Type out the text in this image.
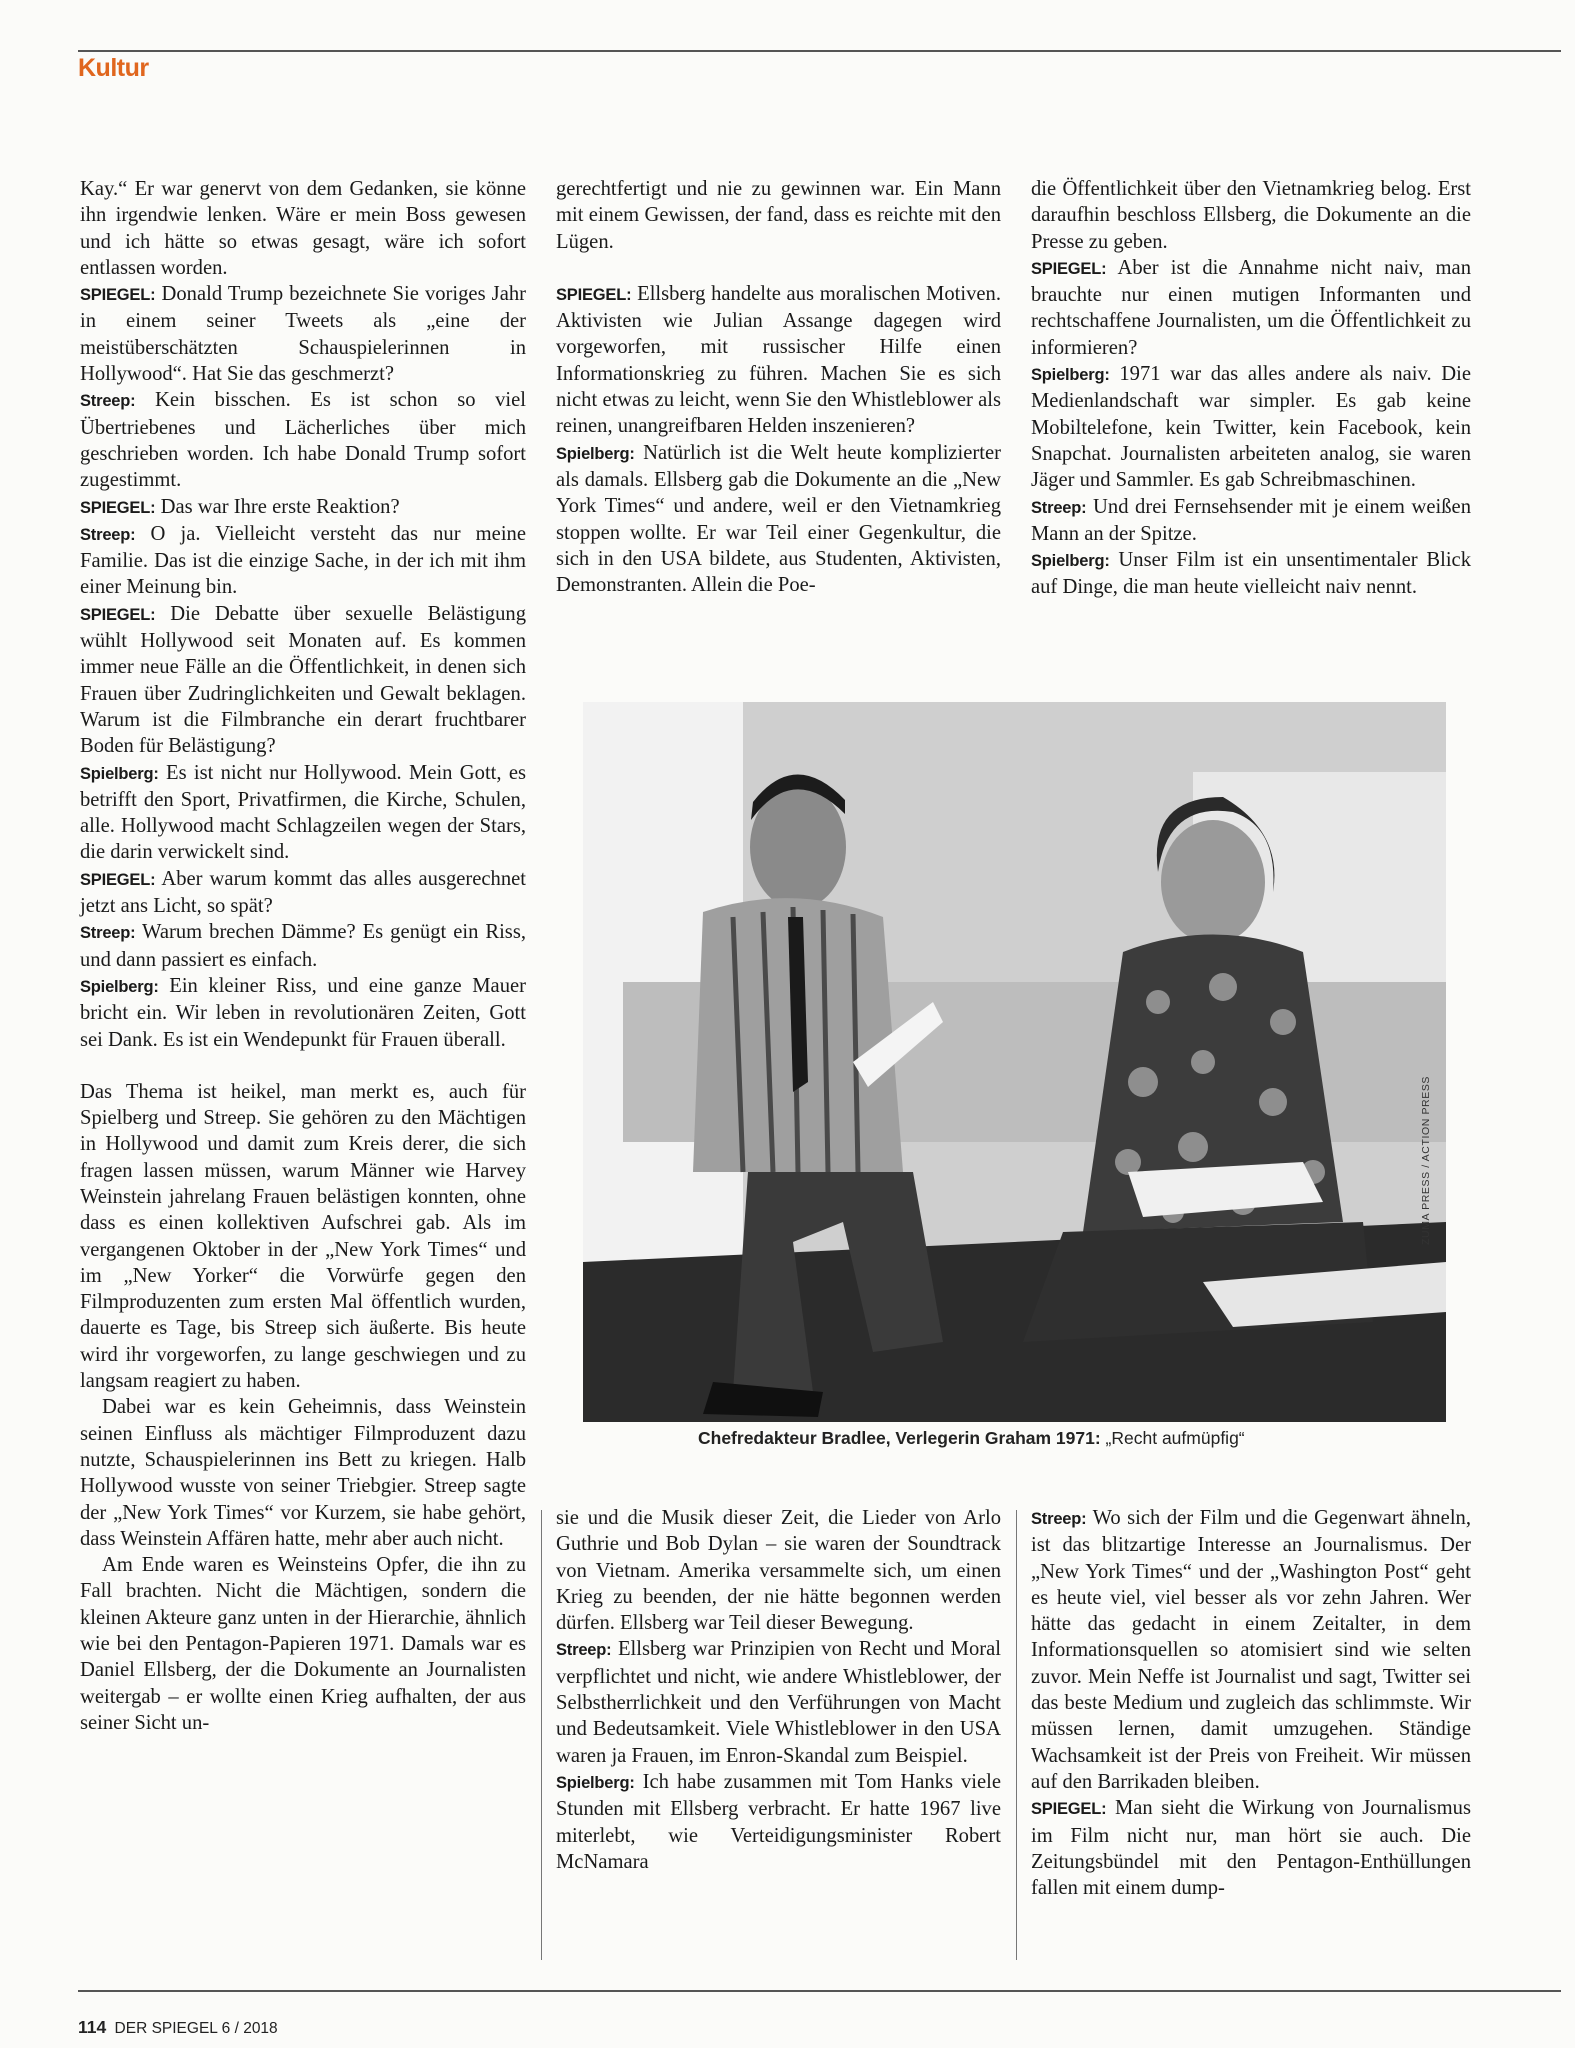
Kultur

Kay.“ Er war genervt von dem Gedanken, sie könne ihn irgendwie lenken. Wäre er mein Boss gewesen und ich hätte so etwas gesagt, wäre ich sofort entlassen worden.

SPIEGEL: Donald Trump bezeichnete Sie voriges Jahr in einem seiner Tweets als „eine der meistüberschätzten Schauspielerinnen in Hollywood“. Hat Sie das geschmerzt?

Streep: Kein bisschen. Es ist schon so viel Übertriebenes und Lächerliches über mich geschrieben worden. Ich habe Donald Trump sofort zugestimmt.

SPIEGEL: Das war Ihre erste Reaktion?

Streep: O ja. Vielleicht versteht das nur meine Familie. Das ist die einzige Sache, in der ich mit ihm einer Meinung bin.

SPIEGEL: Die Debatte über sexuelle Belästigung wühlt Hollywood seit Monaten auf. Es kommen immer neue Fälle an die Öffentlichkeit, in denen sich Frauen über Zudringlichkeiten und Gewalt beklagen. Warum ist die Filmbranche ein derart fruchtbarer Boden für Belästigung?

Spielberg: Es ist nicht nur Hollywood. Mein Gott, es betrifft den Sport, Privatfirmen, die Kirche, Schulen, alle. Hollywood macht Schlagzeilen wegen der Stars, die darin verwickelt sind.

SPIEGEL: Aber warum kommt das alles ausgerechnet jetzt ans Licht, so spät?

Streep: Warum brechen Dämme? Es genügt ein Riss, und dann passiert es einfach.

Spielberg: Ein kleiner Riss, und eine ganze Mauer bricht ein. Wir leben in revolutionären Zeiten, Gott sei Dank. Es ist ein Wendepunkt für Frauen überall.

Das Thema ist heikel, man merkt es, auch für Spielberg und Streep. Sie gehören zu den Mächtigen in Hollywood und damit zum Kreis derer, die sich fragen lassen müssen, warum Männer wie Harvey Weinstein jahrelang Frauen belästigen konnten, ohne dass es einen kollektiven Aufschrei gab. Als im vergangenen Oktober in der „New York Times“ und im „New Yorker“ die Vorwürfe gegen den Filmproduzenten zum ersten Mal öffentlich wurden, dauerte es Tage, bis Streep sich äußerte. Bis heute wird ihr vorgeworfen, zu lange geschwiegen und zu langsam reagiert zu haben.

Dabei war es kein Geheimnis, dass Weinstein seinen Einfluss als mächtiger Filmproduzent dazu nutzte, Schauspielerinnen ins Bett zu kriegen. Halb Hollywood wusste von seiner Triebgier. Streep sagte der „New York Times“ vor Kurzem, sie habe gehört, dass Weinstein Affären hatte, mehr aber auch nicht.

Am Ende waren es Weinsteins Opfer, die ihn zu Fall brachten. Nicht die Mächtigen, sondern die kleinen Akteure ganz unten in der Hierarchie, ähnlich wie bei den Pentagon-Papieren 1971. Damals war es Daniel Ellsberg, der die Dokumente an Journalisten weitergab – er wollte einen Krieg aufhalten, der aus seiner Sicht un-

gerechtfertigt und nie zu gewinnen war. Ein Mann mit einem Gewissen, der fand, dass es reichte mit den Lügen.

SPIEGEL: Ellsberg handelte aus moralischen Motiven. Aktivisten wie Julian Assange dagegen wird vorgeworfen, mit russischer Hilfe einen Informationskrieg zu führen. Machen Sie es sich nicht etwas zu leicht, wenn Sie den Whistleblower als reinen, unangreifbaren Helden inszenieren?

Spielberg: Natürlich ist die Welt heute komplizierter als damals. Ellsberg gab die Dokumente an die „New York Times“ und andere, weil er den Vietnamkrieg stoppen wollte. Er war Teil einer Gegenkultur, die sich in den USA bildete, aus Studenten, Aktivisten, Demonstranten. Allein die Poe-

die Öffentlichkeit über den Vietnamkrieg belog. Erst daraufhin beschloss Ellsberg, die Dokumente an die Presse zu geben.

SPIEGEL: Aber ist die Annahme nicht naiv, man brauchte nur einen mutigen Informanten und rechtschaffene Journalisten, um die Öffentlichkeit zu informieren?

Spielberg: 1971 war das alles andere als naiv. Die Medienlandschaft war simpler. Es gab keine Mobiltelefone, kein Twitter, kein Facebook, kein Snapchat. Journalisten arbeiteten analog, sie waren Jäger und Sammler. Es gab Schreibmaschinen.

Streep: Und drei Fernsehsender mit je einem weißen Mann an der Spitze.

Spielberg: Unser Film ist ein unsentimentaler Blick auf Dinge, die man heute vielleicht naiv nennt.

ZUMA PRESS / ACTION PRESS
Chefredakteur Bradlee, Verlegerin Graham 1971: „Recht aufmüpfig“

sie und die Musik dieser Zeit, die Lieder von Arlo Guthrie und Bob Dylan – sie waren der Soundtrack von Vietnam. Amerika versammelte sich, um einen Krieg zu beenden, der nie hätte begonnen werden dürfen. Ellsberg war Teil dieser Bewegung.

Streep: Ellsberg war Prinzipien von Recht und Moral verpflichtet und nicht, wie andere Whistleblower, der Selbstherrlichkeit und den Verführungen von Macht und Bedeutsamkeit. Viele Whistleblower in den USA waren ja Frauen, im Enron-Skandal zum Beispiel.

Spielberg: Ich habe zusammen mit Tom Hanks viele Stunden mit Ellsberg verbracht. Er hatte 1967 live miterlebt, wie Verteidigungsminister Robert McNamara

Streep: Wo sich der Film und die Gegenwart ähneln, ist das blitzartige Interesse an Journalismus. Der „New York Times“ und der „Washington Post“ geht es heute viel, viel besser als vor zehn Jahren. Wer hätte das gedacht in einem Zeitalter, in dem Informationsquellen so atomisiert sind wie selten zuvor. Mein Neffe ist Journalist und sagt, Twitter sei das beste Medium und zugleich das schlimmste. Wir müssen lernen, damit umzugehen. Ständige Wachsamkeit ist der Preis von Freiheit. Wir müssen auf den Barrikaden bleiben.

SPIEGEL: Man sieht die Wirkung von Journalismus im Film nicht nur, man hört sie auch. Die Zeitungsbündel mit den Pentagon-Enthüllungen fallen mit einem dump-

114 DER SPIEGEL 6 / 2018
